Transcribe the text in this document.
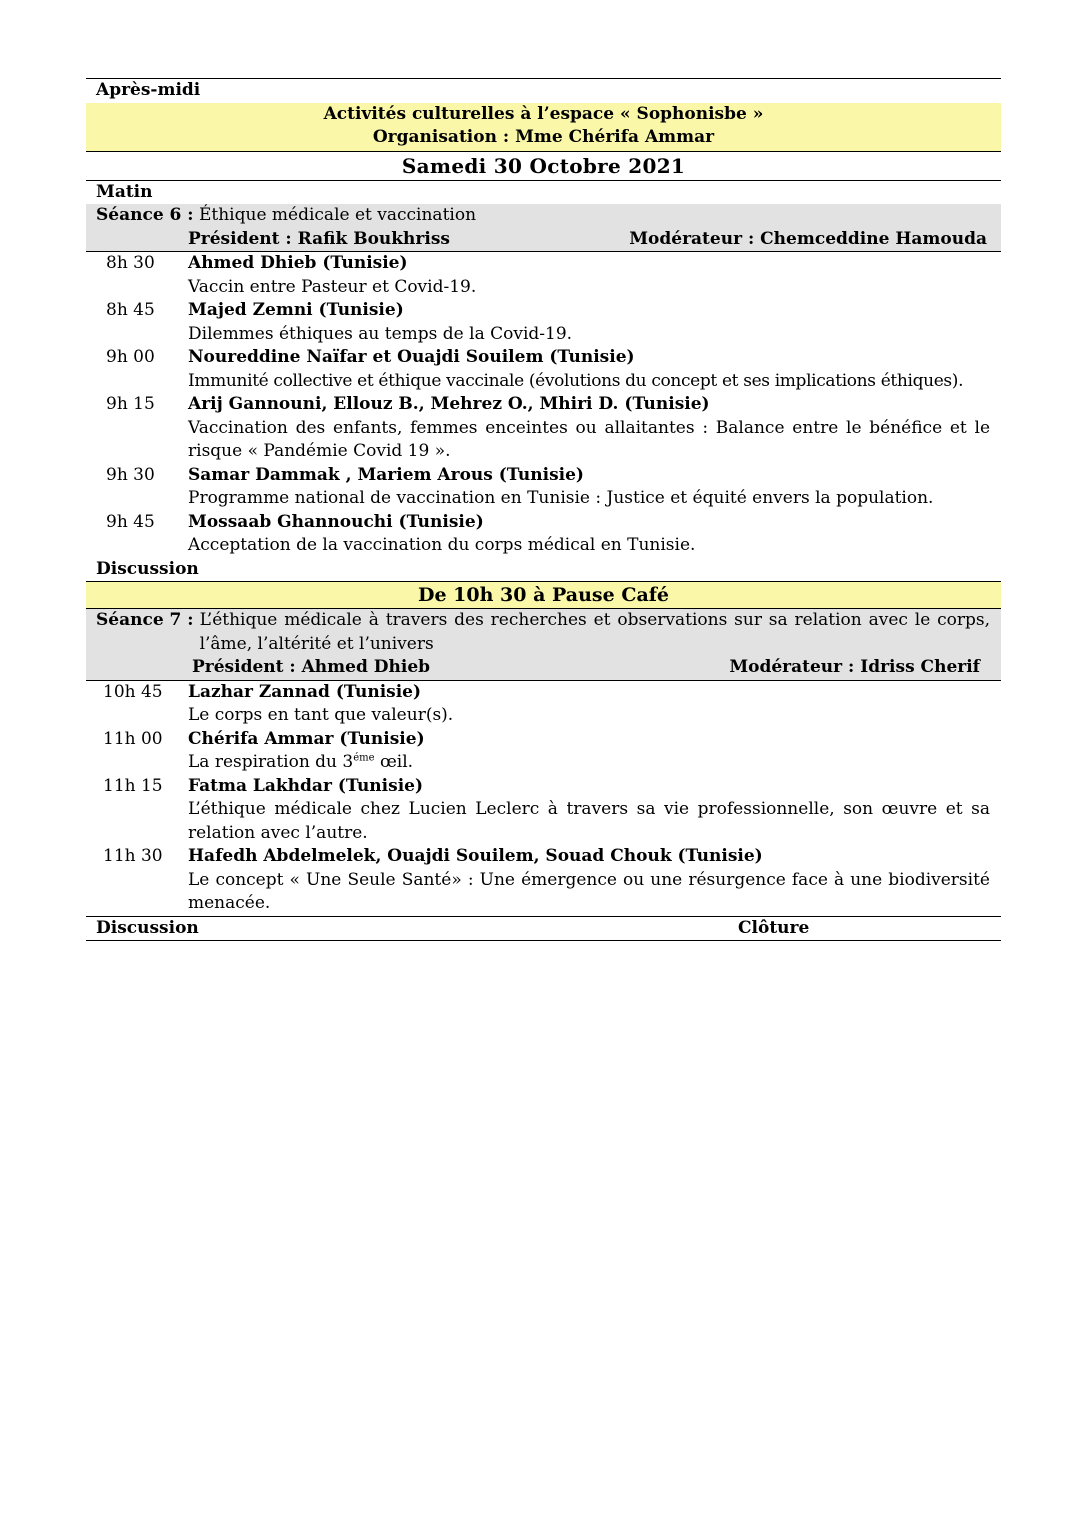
Après-midi
Activités culturelles à l’espace « Sophonisbe »
Organisation : Mme Chérifa Ammar
Samedi 30 Octobre 2021
Matin
Séance 6 : Éthique médicale et vaccination
Président : Rafik Boukhriss	Modérateur : Chemceddine Hamouda
8h 30	Ahmed Dhieb (Tunisie)
Vaccin entre Pasteur et Covid-19.
8h 45	Majed Zemni (Tunisie)
Dilemmes éthiques au temps de la Covid-19.
9h 00	Noureddine Naïfar et Ouajdi Souilem (Tunisie)
Immunité collective et éthique vaccinale (évolutions du concept et ses implications éthiques).
9h 15	Arij Gannouni, Ellouz B., Mehrez O., Mhiri D. (Tunisie)
Vaccination des enfants, femmes enceintes ou allaitantes : Balance entre le bénéfice et le risque « Pandémie Covid 19 ».
9h 30	Samar Dammak , Mariem Arous (Tunisie)
Programme national de vaccination en Tunisie : Justice et équité envers la population.
9h 45	Mossaab Ghannouchi (Tunisie)
Acceptation de la vaccination du corps médical en Tunisie.
Discussion
De 10h 30 à Pause Café
Séance 7 : L’éthique médicale à travers des recherches et observations sur sa relation avec le corps, l’âme, l’altérité et l’univers
Président : Ahmed Dhieb	Modérateur : Idriss Cherif
10h 45	Lazhar Zannad (Tunisie)
Le corps en tant que valeur(s).
11h 00	Chérifa Ammar (Tunisie)
La respiration du $3^{éme}$ œil.
11h 15	Fatma Lakhdar (Tunisie)
L’éthique médicale chez Lucien Leclerc à travers sa vie professionnelle, son œuvre et sa relation avec l’autre.
11h 30	Hafedh Abdelmelek, Ouajdi Souilem, Souad Chouk (Tunisie)
Le concept « Une Seule Santé» : Une émergence ou une résurgence face à une biodiversité menacée.
Discussion	Clôture
